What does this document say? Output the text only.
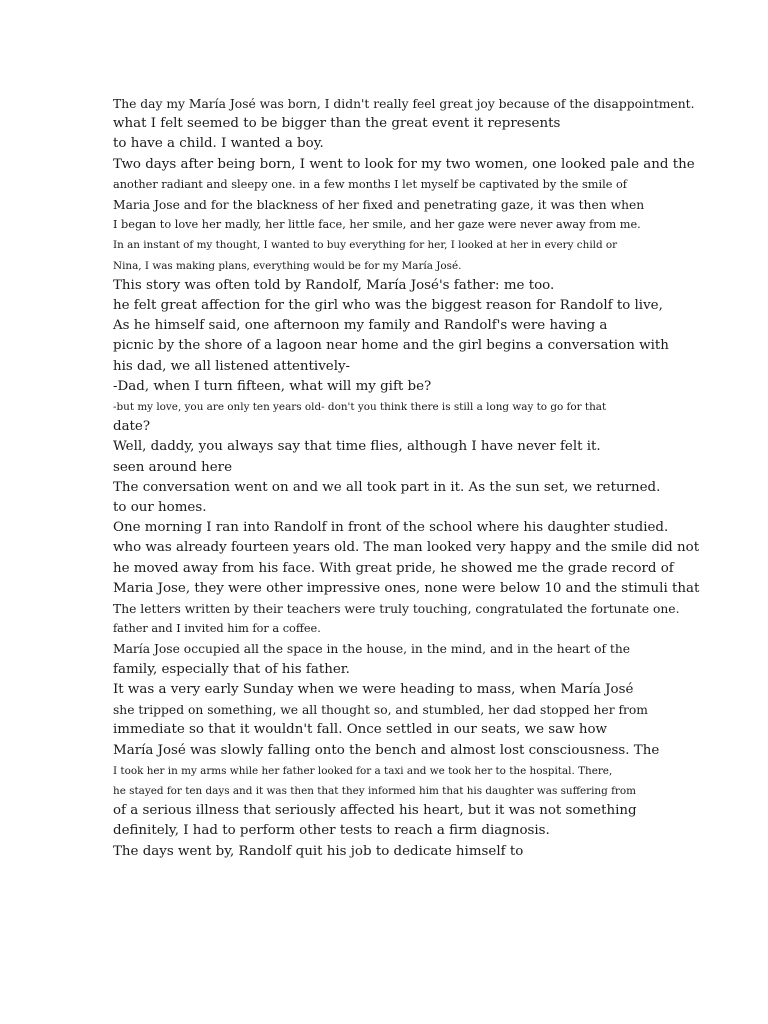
The day my María José was born, I didn't really feel great joy because of the disappointment.

what I felt seemed to be bigger than the great event it represents

to have a child. I wanted a boy.

Two days after being born, I went to look for my two women, one looked pale and the

another radiant and sleepy one. in a few months I let myself be captivated by the smile of

Maria Jose and for the blackness of her fixed and penetrating gaze, it was then when

I began to love her madly, her little face, her smile, and her gaze were never away from me.

In an instant of my thought, I wanted to buy everything for her, I looked at her in every child or

Nina, I was making plans, everything would be for my María José.

This story was often told by Randolf, María José's father: me too.

he felt great affection for the girl who was the biggest reason for Randolf to live,

As he himself said, one afternoon my family and Randolf's were having a

picnic by the shore of a lagoon near home and the girl begins a conversation with

his dad, we all listened attentively-

-Dad, when I turn fifteen, what will my gift be?

-but my love, you are only ten years old- don't you think there is still a long way to go for that

date?

Well, daddy, you always say that time flies, although I have never felt it.

seen around here

The conversation went on and we all took part in it. As the sun set, we returned.

to our homes.

One morning I ran into Randolf in front of the school where his daughter studied.

who was already fourteen years old. The man looked very happy and the smile did not

he moved away from his face. With great pride, he showed me the grade record of

Maria Jose, they were other impressive ones, none were below 10 and the stimuli that

The letters written by their teachers were truly touching, congratulated the fortunate one.

father and I invited him for a coffee.

María Jose occupied all the space in the house, in the mind, and in the heart of the

family, especially that of his father.

It was a very early Sunday when we were heading to mass, when María José

she tripped on something, we all thought so, and stumbled, her dad stopped her from

immediate so that it wouldn't fall. Once settled in our seats, we saw how

María José was slowly falling onto the bench and almost lost consciousness. The

I took her in my arms while her father looked for a taxi and we took her to the hospital. There,

he stayed for ten days and it was then that they informed him that his daughter was suffering from

of a serious illness that seriously affected his heart, but it was not something

definitely, I had to perform other tests to reach a firm diagnosis.

The days went by, Randolf quit his job to dedicate himself to
